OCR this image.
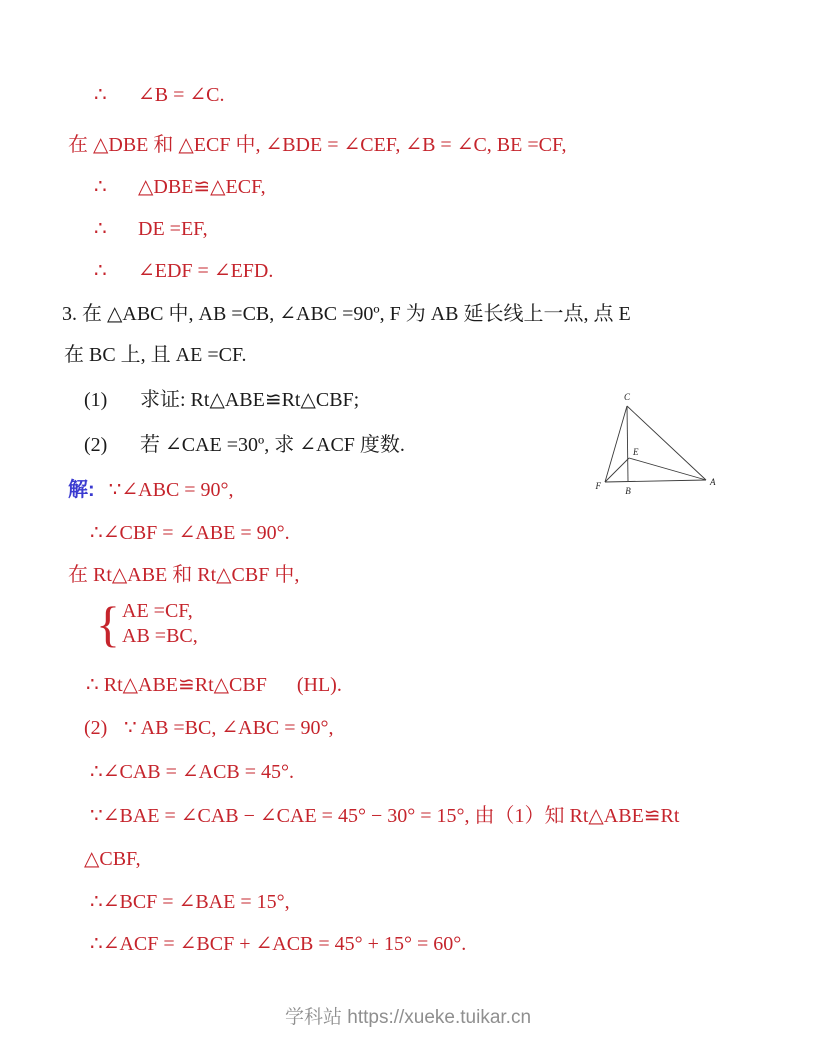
∴ ∠B = ∠C.
在 △DBE 和 △ECF 中, ∠BDE = ∠CEF, ∠B = ∠C, BE =CF,
∴ △DBE≌△ECF,
∴ DE =EF,
∴ ∠EDF = ∠EFD.
3. 在 △ABC 中, AB =CB, ∠ABC =90º, F 为 AB 延长线上一点, 点 E
在 BC 上, 且 AE =CF.
(1) 求证: Rt△ABE≌Rt△CBF;
(2) 若 ∠CAE =30º, 求 ∠ACF 度数.
C
E
F	B
A
解: ∵∠ABC = 90°,
∴∠CBF = ∠ABE = 90°.
在 Rt△ABE 和 Rt△CBF 中,
{ AE =CF,
AB =BC,
∴ Rt△ABE≌Rt△CBF (HL).
(2) ∵ AB =BC, ∠ABC = 90°,
∴∠CAB = ∠ACB = 45°.
∵∠BAE = ∠CAB − ∠CAE = 45° − 30° = 15°, 由（1）知 Rt△ABE≌Rt
△CBF,
∴∠BCF = ∠BAE = 15°,
∴∠ACF = ∠BCF + ∠ACB = 45° + 15° = 60°.
学科站 https://xueke.tuikar.cn
